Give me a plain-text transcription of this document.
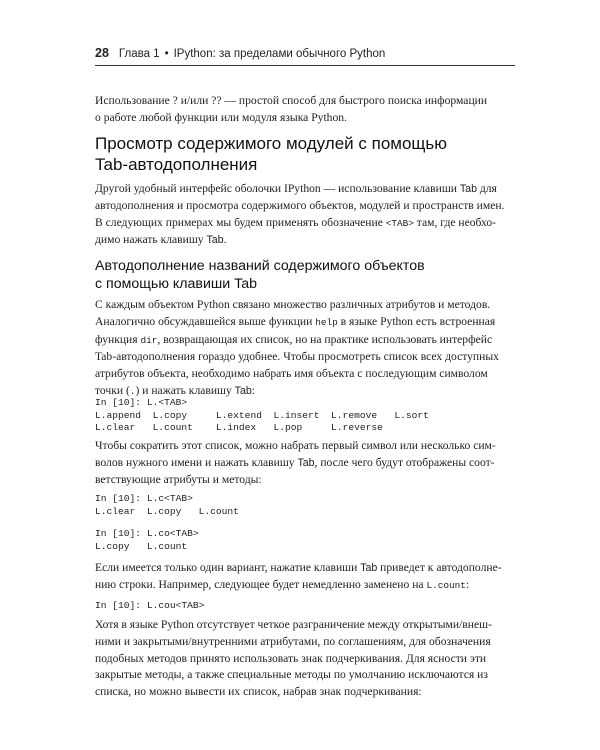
28 Глава 1 • IPython: за пределами обычного Python
Использование ? и/или ?? — простой способ для быстрого поиска информации
о работе любой функции или модуля языка Python.
Просмотр содержимого модулей с помощью
Tab-автодополнения
Другой удобный интерфейс оболочки IPython — использование клавиши Tab для
автодополнения и просмотра содержимого объектов, модулей и пространств имен.
В следующих примерах мы будем применять обозначение <TAB> там, где необхо-
димо нажать клавишу Tab.
Автодополнение названий содержимого объектов
с помощью клавиши Tab
С каждым объектом Python связано множество различных атрибутов и методов.
Аналогично обсуждавшейся выше функции help в языке Python есть встроенная
функция dir, возвращающая их список, но на практике использовать интерфейс
Tab-автодополнения гораздо удобнее. Чтобы просмотреть список всех доступных
атрибутов объекта, необходимо набрать имя объекта с последующим символом
точки (.) и нажать клавишу Tab:
In [10]: L.<TAB>
L.append  L.copy     L.extend  L.insert  L.remove   L.sort
L.clear   L.count    L.index   L.pop     L.reverse
Чтобы сократить этот список, можно набрать первый символ или несколько сим-
волов нужного имени и нажать клавишу Tab, после чего будут отображены соот-
ветствующие атрибуты и методы:
In [10]: L.c<TAB>
L.clear  L.copy   L.count
In [10]: L.co<TAB>
L.copy   L.count
Если имеется только один вариант, нажатие клавиши Tab приведет к автодополне-
нию строки. Например, следующее будет немедленно заменено на L.count:
In [10]: L.cou<TAB>
Хотя в языке Python отсутствует четкое разграничение между открытыми/внеш-
ними и закрытыми/внутренними атрибутами, по соглашениям, для обозначения
подобных методов принято использовать знак подчеркивания. Для ясности эти
закрытые методы, а также специальные методы по умолчанию исключаются из
списка, но можно вывести их список, набрав знак подчеркивания:
